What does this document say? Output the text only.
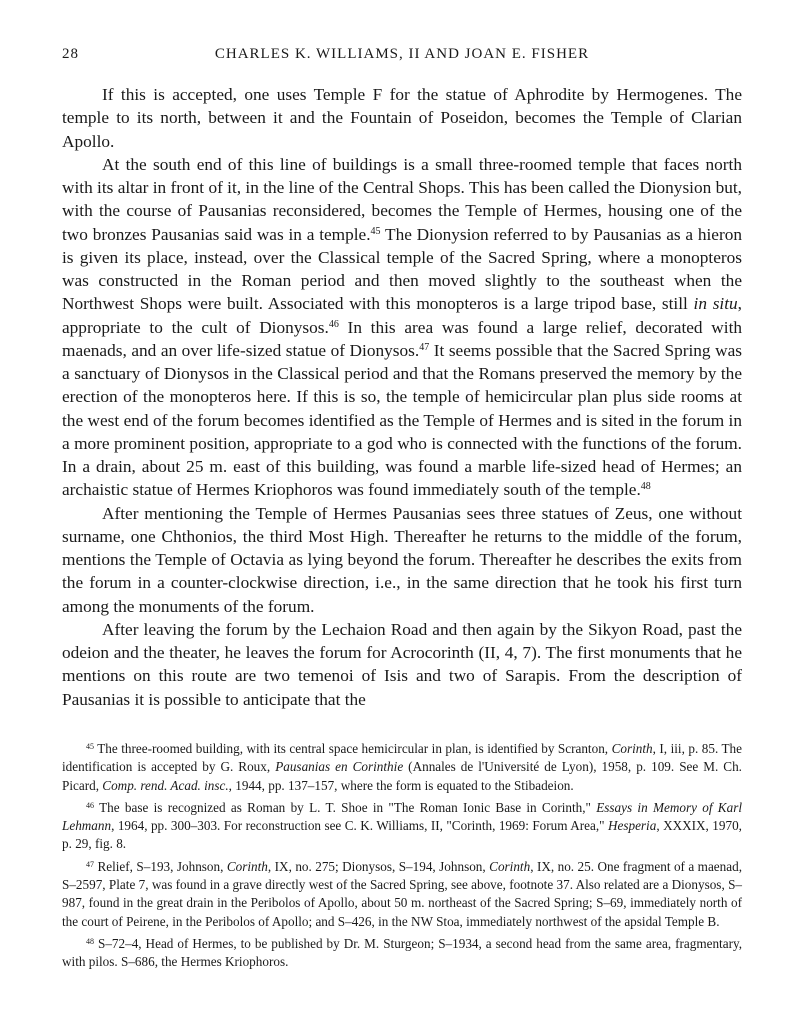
28	CHARLES K. WILLIAMS, II AND JOAN E. FISHER

If this is accepted, one uses Temple F for the statue of Aphrodite by Hermogenes. The temple to its north, between it and the Fountain of Poseidon, becomes the Temple of Clarian Apollo.

At the south end of this line of buildings is a small three-roomed temple that faces north with its altar in front of it, in the line of the Central Shops. This has been called the Dionysion but, with the course of Pausanias reconsidered, becomes the Temple of Hermes, housing one of the two bronzes Pausanias said was in a temple.$^{45}$ The Dionysion referred to by Pausanias as a hieron is given its place, instead, over the Classical temple of the Sacred Spring, where a monopteros was constructed in the Roman period and then moved slightly to the southeast when the Northwest Shops were built. Associated with this monopteros is a large tripod base, still in situ, appropriate to the cult of Dionysos.$^{46}$ In this area was found a large relief, decorated with maenads, and an over life-sized statue of Dionysos.$^{47}$ It seems possible that the Sacred Spring was a sanctuary of Dionysos in the Classical period and that the Romans preserved the memory by the erection of the monopteros here. If this is so, the temple of hemicircular plan plus side rooms at the west end of the forum becomes identified as the Temple of Hermes and is sited in the forum in a more prominent position, appropriate to a god who is connected with the functions of the forum. In a drain, about 25 m. east of this building, was found a marble life-sized head of Hermes; an archaistic statue of Hermes Kriophoros was found immediately south of the temple.$^{48}$

After mentioning the Temple of Hermes Pausanias sees three statues of Zeus, one without surname, one Chthonios, the third Most High. Thereafter he returns to the middle of the forum, mentions the Temple of Octavia as lying beyond the forum. Thereafter he describes the exits from the forum in a counter-clockwise direction, i.e., in the same direction that he took his first turn among the monuments of the forum.

After leaving the forum by the Lechaion Road and then again by the Sikyon Road, past the odeion and the theater, he leaves the forum for Acrocorinth (II, 4, 7). The first monuments that he mentions on this route are two temenoi of Isis and two of Sarapis. From the description of Pausanias it is possible to anticipate that the

$^{45}$ The three-roomed building, with its central space hemicircular in plan, is identified by Scranton, Corinth, I, iii, p. 85. The identification is accepted by G. Roux, Pausanias en Corinthie (Annales de l'Université de Lyon), 1958, p. 109. See M. Ch. Picard, Comp. rend. Acad. insc., 1944, pp. 137–157, where the form is equated to the Stibadeion.

$^{46}$ The base is recognized as Roman by L. T. Shoe in "The Roman Ionic Base in Corinth," Essays in Memory of Karl Lehmann, 1964, pp. 300–303. For reconstruction see C. K. Williams, II, "Corinth, 1969: Forum Area," Hesperia, XXXIX, 1970, p. 29, fig. 8.

$^{47}$ Relief, S–193, Johnson, Corinth, IX, no. 275; Dionysos, S–194, Johnson, Corinth, IX, no. 25. One fragment of a maenad, S–2597, Plate 7, was found in a grave directly west of the Sacred Spring, see above, footnote 37. Also related are a Dionysos, S–987, found in the great drain in the Peribolos of Apollo, about 50 m. northeast of the Sacred Spring; S–69, immediately north of the court of Peirene, in the Peribolos of Apollo; and S–426, in the NW Stoa, immediately northwest of the apsidal Temple B.

$^{48}$ S–72–4, Head of Hermes, to be published by Dr. M. Sturgeon; S–1934, a second head from the same area, fragmentary, with pilos. S–686, the Hermes Kriophoros.
